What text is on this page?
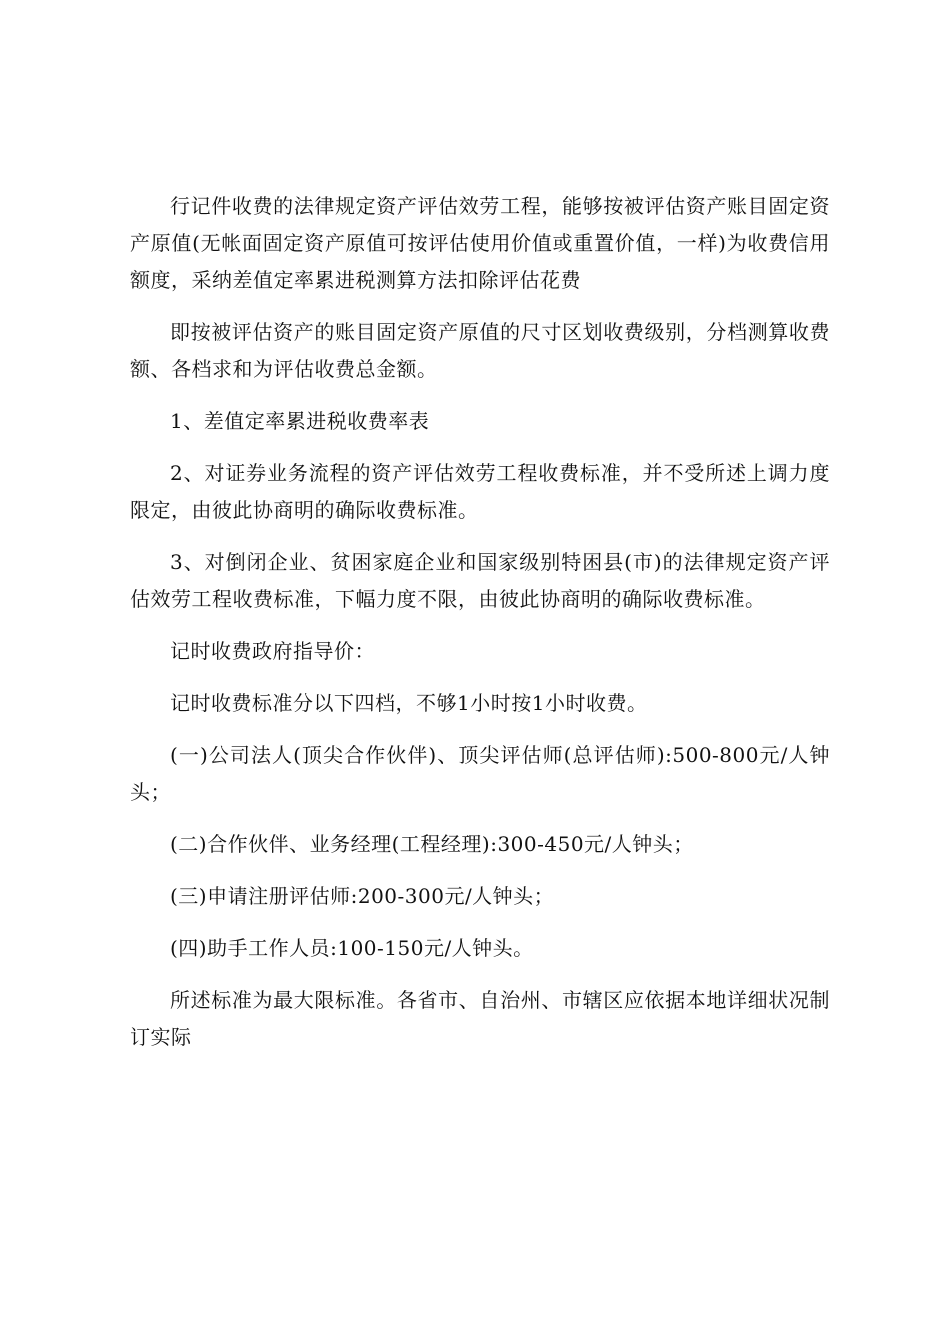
行记件收费的法律规定资产评估效劳工程，能够按被评估资产账目固定资产原值(无帐面固定资产原值可按评估使用价值或重置价值，一样)为收费信用额度，采纳差值定率累进税测算方法扣除评估花费

即按被评估资产的账目固定资产原值的尺寸区划收费级别，分档测算收费额、各档求和为评估收费总金额。

1、差值定率累进税收费率表

2、对证券业务流程的资产评估效劳工程收费标准，并不受所述上调力度限定，由彼此协商明的确际收费标准。

3、对倒闭企业、贫困家庭企业和国家级别特困县(市)的法律规定资产评估效劳工程收费标准，下幅力度不限，由彼此协商明的确际收费标准。

记时收费政府指导价：

记时收费标准分以下四档，不够1小时按1小时收费。

(一)公司法人(顶尖合作伙伴)、顶尖评估师(总评估师):500-800元/人钟头；

(二)合作伙伴、业务经理(工程经理):300-450元/人钟头；

(三)申请注册评估师:200-300元/人钟头；

(四)助手工作人员:100-150元/人钟头。

所述标准为最大限标准。各省市、自治州、市辖区应依据本地详细状况制订实际
